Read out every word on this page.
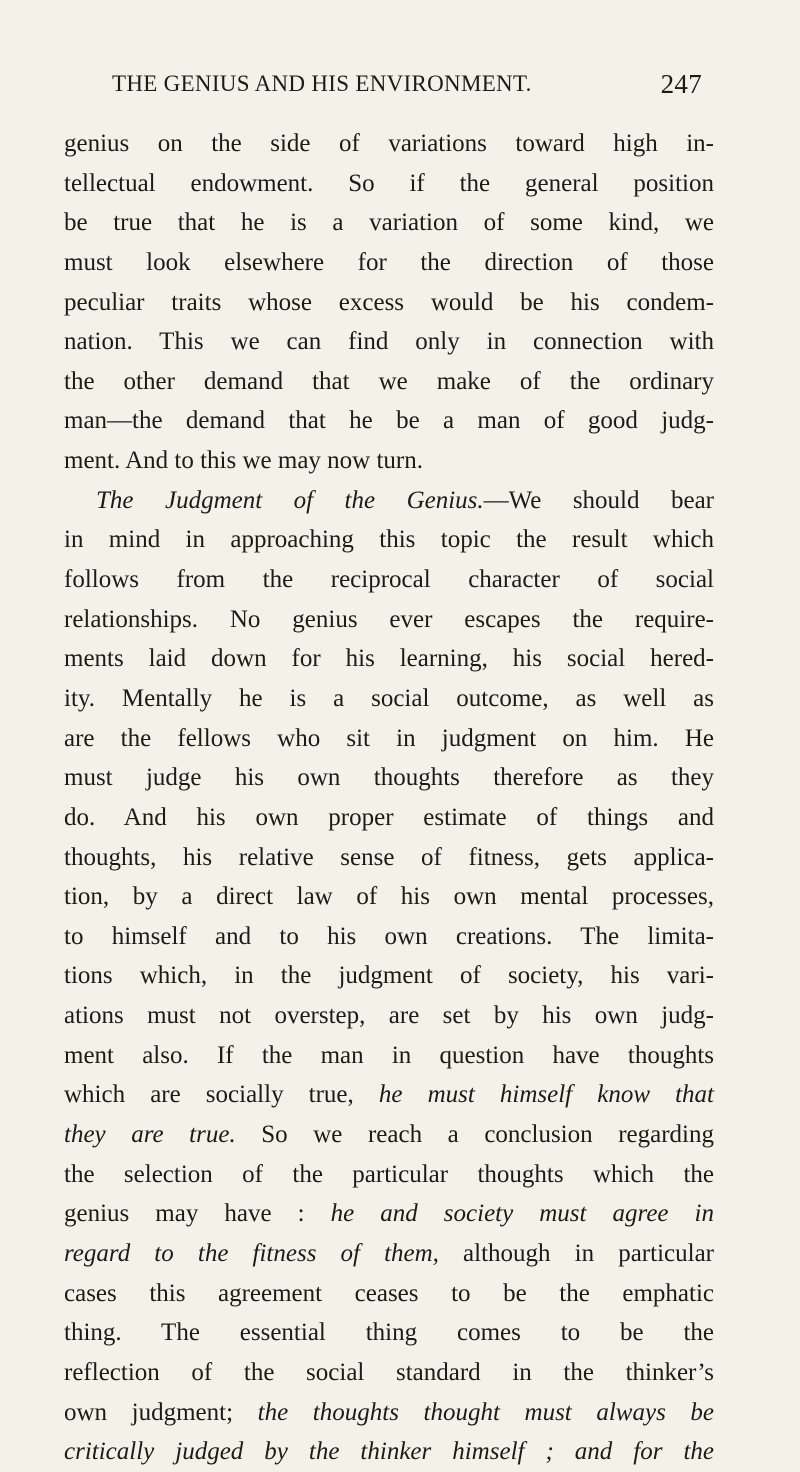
THE GENIUS AND HIS ENVIRONMENT.	247
genius on the side of variations toward high in-
tellectual endowment. So if the general position
be true that he is a variation of some kind, we
must look elsewhere for the direction of those
peculiar traits whose excess would be his condem-
nation. This we can find only in connection with
the other demand that we make of the ordinary
man—the demand that he be a man of good judg-
ment. And to this we may now turn.
The Judgment of the Genius.—We should bear
in mind in approaching this topic the result which
follows from the reciprocal character of social
relationships. No genius ever escapes the require-
ments laid down for his learning, his social hered-
ity. Mentally he is a social outcome, as well as
are the fellows who sit in judgment on him. He
must judge his own thoughts therefore as they
do. And his own proper estimate of things and
thoughts, his relative sense of fitness, gets applica-
tion, by a direct law of his own mental processes,
to himself and to his own creations. The limita-
tions which, in the judgment of society, his vari-
ations must not overstep, are set by his own judg-
ment also. If the man in question have thoughts
which are socially true, he must himself know that
they are true. So we reach a conclusion regarding
the selection of the particular thoughts which the
genius may have : he and society must agree in
regard to the fitness of them, although in particular
cases this agreement ceases to be the emphatic
thing. The essential thing comes to be the
reflection of the social standard in the thinker’s
own judgment; the thoughts thought must always be
critically judged by the thinker himself ; and for the
